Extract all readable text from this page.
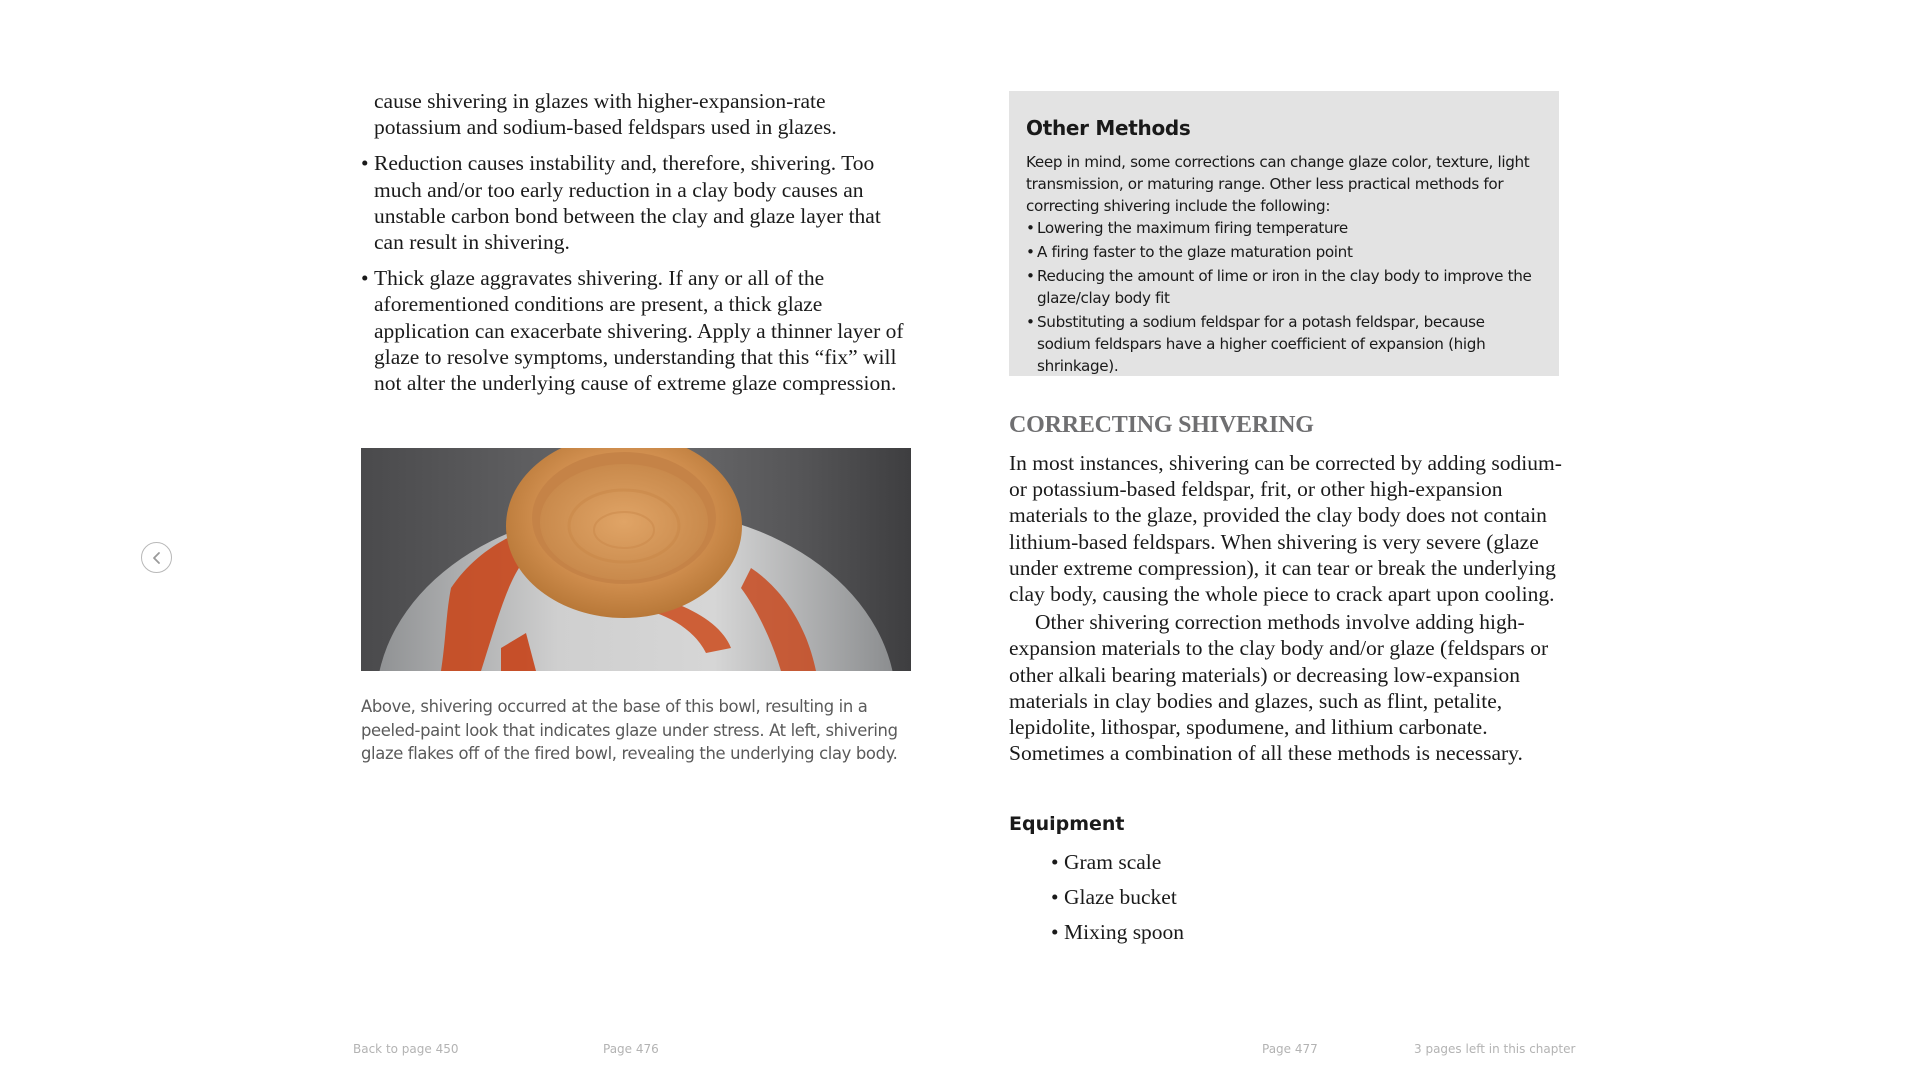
cause shivering in glazes with higher-expansion-rate potassium and sodium-based feldspars used in glazes.

• Reduction causes instability and, therefore, shivering. Too much and/or too early reduction in a clay body causes an unstable carbon bond between the clay and glaze layer that can result in shivering.
• Thick glaze aggravates shivering. If any or all of the aforementioned conditions are present, a thick glaze application can exacerbate shivering. Apply a thinner layer of glaze to resolve symptoms, understanding that this “fix” will not alter the underlying cause of extreme glaze compression.

Above, shivering occurred at the base of this bowl, resulting in a peeled-paint look that indicates glaze under stress. At left, shivering glaze flakes off of the fired bowl, revealing the underlying clay body.

Other Methods

Keep in mind, some corrections can change glaze color, texture, light transmission, or maturing range. Other less practical methods for correcting shivering include the following:

• Lowering the maximum firing temperature
• A firing faster to the glaze maturation point
• Reducing the amount of lime or iron in the clay body to improve the glaze/clay body fit
• Substituting a sodium feldspar for a potash feldspar, because sodium feldspars have a higher coefficient of expansion (high shrinkage).
CORRECTING SHIVERING

In most instances, shivering can be corrected by adding sodium- or potassium-based feldspar, frit, or other high-expansion materials to the glaze, provided the clay body does not contain lithium-based feldspars. When shivering is very severe (glaze under extreme compression), it can tear or break the underlying clay body, causing the whole piece to crack apart upon cooling.

Other shivering correction methods involve adding high-expansion materials to the clay body and/or glaze (feldspars or other alkali bearing materials) or decreasing low-expansion materials in clay bodies and glazes, such as flint, petalite, lepidolite, lithospar, spodumene, and lithium carbonate. Sometimes a combination of all these methods is necessary.

Equipment
• Gram scale
• Glaze bucket
• Mixing spoon
Back to page 450	Page 476	Page 477	3 pages left in this chapter
